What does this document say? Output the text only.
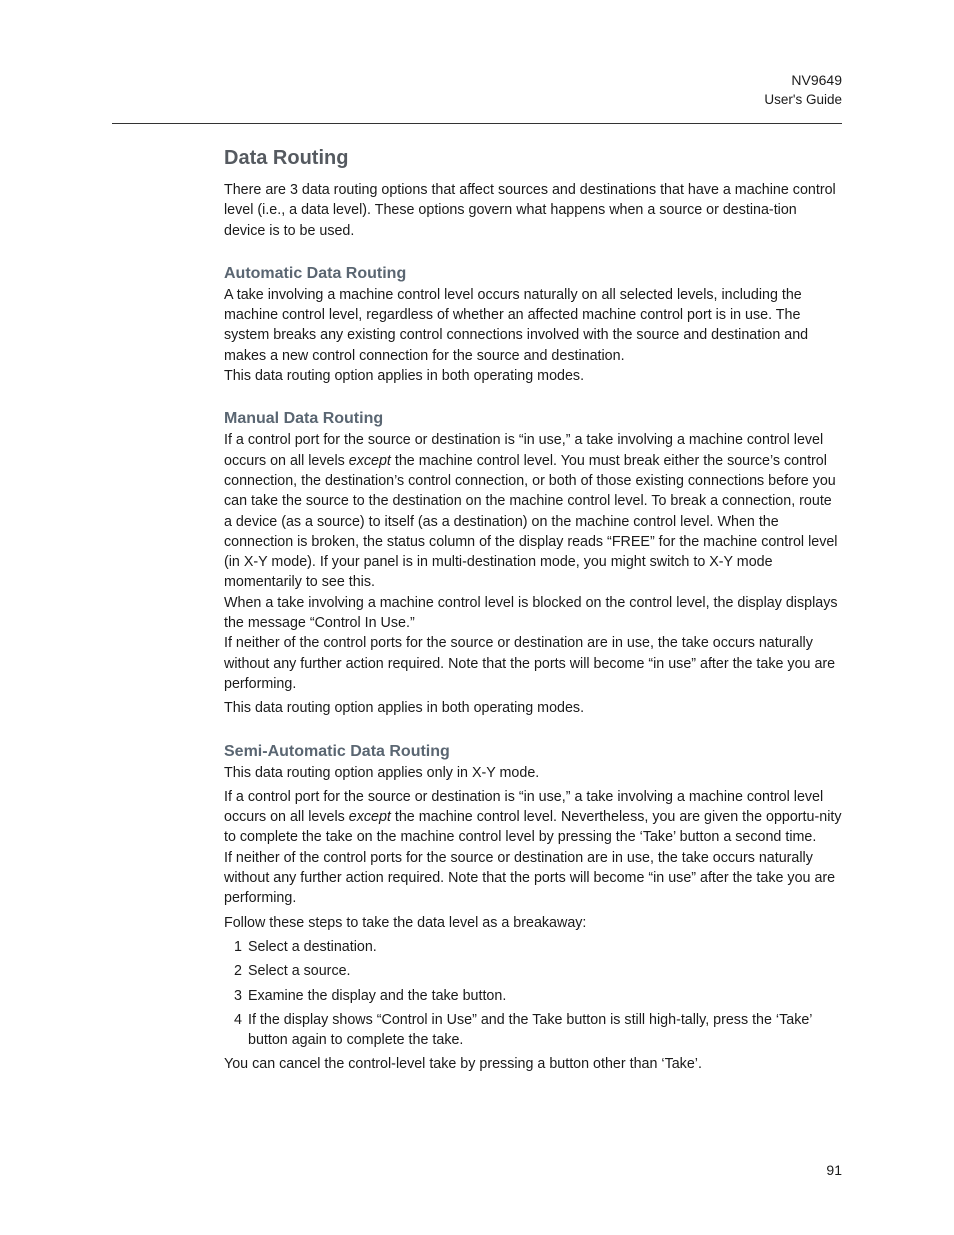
NV9649
User's Guide
Data Routing

There are 3 data routing options that affect sources and destinations that have a machine control level (i.e., a data level). These options govern what happens when a source or destina-tion device is to be used.

Automatic Data Routing

A take involving a machine control level occurs naturally on all selected levels, including the machine control level, regardless of whether an affected machine control port is in use. The system breaks any existing control connections involved with the source and destination and makes a new control connection for the source and destination.

This data routing option applies in both operating modes.

Manual Data Routing

If a control port for the source or destination is “in use,” a take involving a machine control level occurs on all levels except the machine control level. You must break either the source’s control connection, the destination’s control connection, or both of those existing connections before you can take the source to the destination on the machine control level. To break a connection, route a device (as a source) to itself (as a destination) on the machine control level. When the connection is broken, the status column of the display reads “FREE” for the machine control level (in X-Y mode). If your panel is in multi-destination mode, you might switch to X-Y mode momentarily to see this.

When a take involving a machine control level is blocked on the control level, the display displays the message “Control In Use.”

If neither of the control ports for the source or destination are in use, the take occurs naturally without any further action required. Note that the ports will become “in use” after the take you are performing.

This data routing option applies in both operating modes.

Semi-Automatic Data Routing

This data routing option applies only in X-Y mode.

If a control port for the source or destination is “in use,” a take involving a machine control level occurs on all levels except the machine control level. Nevertheless, you are given the opportu-nity to complete the take on the machine control level by pressing the ‘Take’ button a second time.

If neither of the control ports for the source or destination are in use, the take occurs naturally without any further action required. Note that the ports will become “in use” after the take you are performing.

Follow these steps to take the data level as a breakaway:

1 Select a destination.
2 Select a source.
3 Examine the display and the take button.
4 If the display shows “Control in Use” and the Take button is still high-tally, press the ‘Take’ button again to complete the take.

You can cancel the control-level take by pressing a button other than ‘Take’.

91
